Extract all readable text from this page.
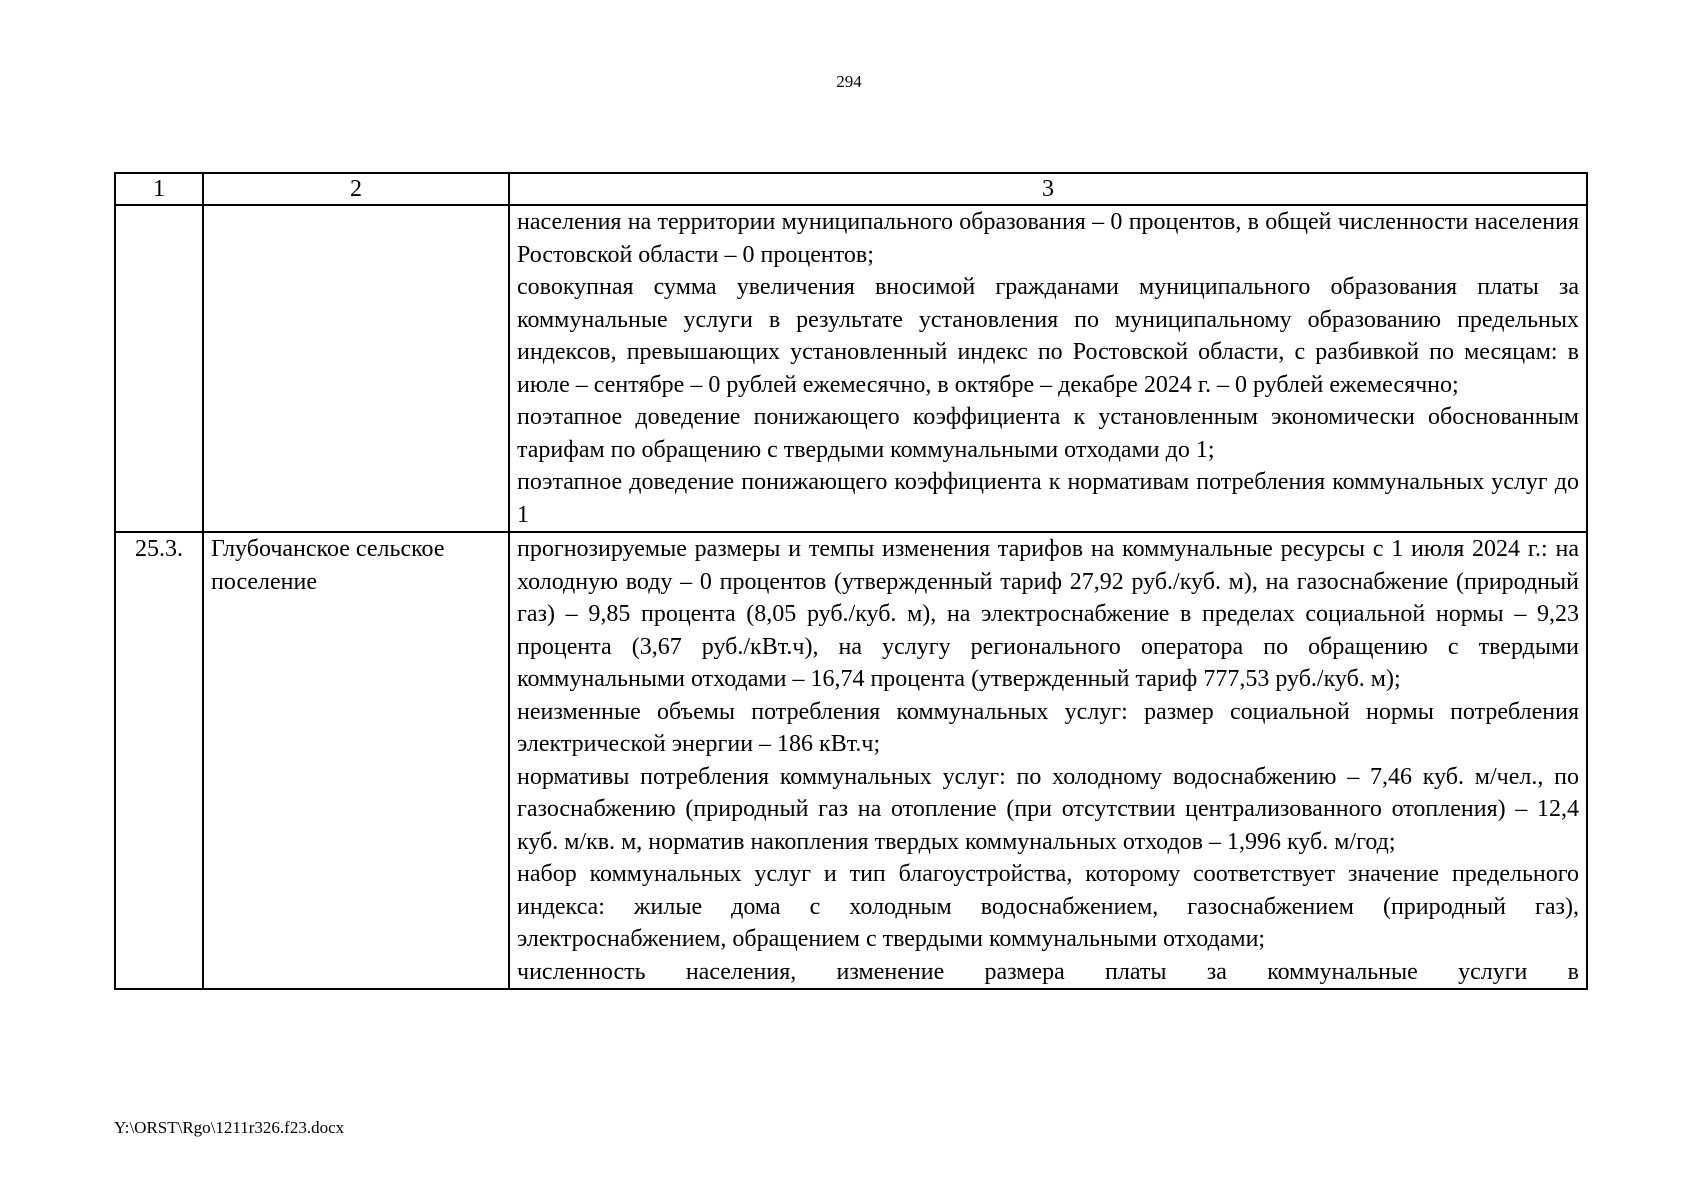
294
1	2	3

		населения на территории муниципального образования – 0 процентов, в общей численности населения Ростовской области – 0 процентов;

совокупная сумма увеличения вносимой гражданами муниципального образования платы за коммунальные услуги в результате установления по муниципальному образованию предельных индексов, превышающих установленный индекс по Ростовской области, с разбивкой по месяцам: в июле – сентябре – 0 рублей ежемесячно, в октябре – декабре 2024 г. – 0 рублей ежемесячно;

поэтапное доведение понижающего коэффициента к установленным экономически обоснованным тарифам по обращению с твердыми коммунальными отходами до 1;

поэтапное доведение понижающего коэффициента к нормативам потребления коммунальных услуг до 1

25.3.	Глубочанское сельское поселение	прогнозируемые размеры и темпы изменения тарифов на коммунальные ресурсы с 1 июля 2024 г.: на холодную воду – 0 процентов (утвержденный тариф 27,92 руб./куб. м), на газоснабжение (природный газ) – 9,85 процента (8,05 руб./куб. м), на электроснабжение в пределах социальной нормы – 9,23 процента (3,67 руб./кВт.ч), на услугу регионального оператора по обращению с твердыми коммунальными отходами – 16,74 процента (утвержденный тариф 777,53 руб./куб. м);

неизменные объемы потребления коммунальных услуг: размер социальной нормы потребления электрической энергии – 186 кВт.ч;

нормативы потребления коммунальных услуг: по холодному водоснабжению – 7,46 куб. м/чел., по газоснабжению (природный газ на отопление (при отсутствии централизованного отопления) – 12,4 куб. м/кв. м, норматив накопления твердых коммунальных отходов – 1,996 куб. м/год;

набор коммунальных услуг и тип благоустройства, которому соответствует значение предельного индекса: жилые дома с холодным водоснабжением, газоснабжением (природный газ), электроснабжением, обращением с твердыми коммунальными отходами;

численность населения, изменение размера платы за коммунальные услуги в

Y:\ORST\Rgo\1211r326.f23.docx
